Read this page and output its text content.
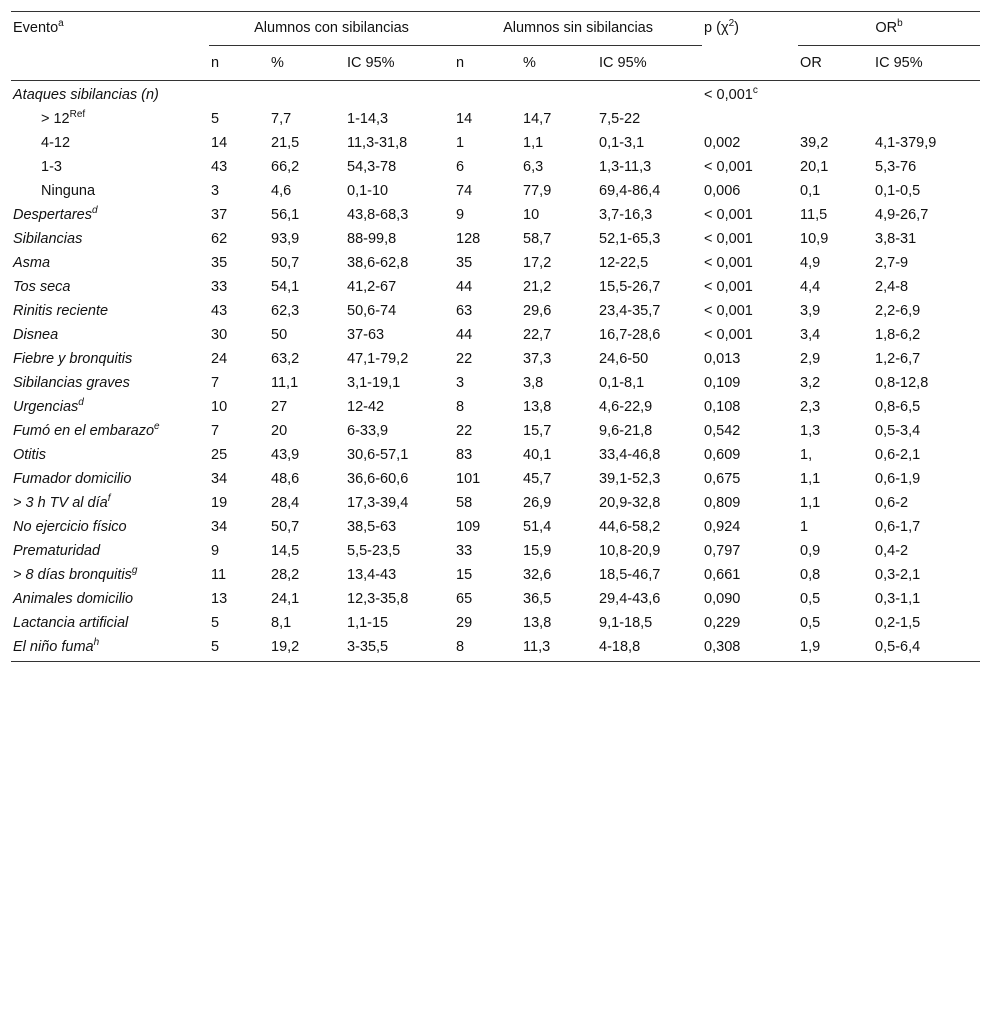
Evento$^a$	Alumnos con sibilancias			Alumnos sin sibilancias			p $(\chi^2)$	$OR^b$
	n	%	IC 95%	n	%	IC 95%		OR	IC 95%
Ataques sibilancias (n)							< 0,001$^c$		
> $12^{Ref}$	5	7,7	1-14,3	14	14,7	7,5-22			
4-12	14	21,5	11,3-31,8	1	1,1	0,1-3,1	0,002	39,2	4,1-379,9
1-3	43	66,2	54,3-78	6	6,3	1,3-11,3	< 0,001	20,1	5,3-76
Ninguna	3	4,6	0,1-10	74	77,9	69,4-86,4	0,006	0,1	0,1-0,5
Despertares$^d$	37	56,1	43,8-68,3	9	10	3,7-16,3	< 0,001	11,5	4,9-26,7
Sibilancias	62	93,9	88-99,8	128	58,7	52,1-65,3	< 0,001	10,9	3,8-31
Asma	35	50,7	38,6-62,8	35	17,2	12-22,5	< 0,001	4,9	2,7-9
Tos seca	33	54,1	41,2-67	44	21,2	15,5-26,7	< 0,001	4,4	2,4-8
Rinitis reciente	43	62,3	50,6-74	63	29,6	23,4-35,7	< 0,001	3,9	2,2-6,9
Disnea	30	50	37-63	44	22,7	16,7-28,6	< 0,001	3,4	1,8-6,2
Fiebre y bronquitis	24	63,2	47,1-79,2	22	37,3	24,6-50	0,013	2,9	1,2-6,7
Sibilancias graves	7	11,1	3,1-19,1	3	3,8	0,1-8,1	0,109	3,2	0,8-12,8
Urgencias$^d$	10	27	12-42	8	13,8	4,6-22,9	0,108	2,3	0,8-6,5
Fumó en el embarazo$^e$	7	20	6-33,9	22	15,7	9,6-21,8	0,542	1,3	0,5-3,4
Otitis	25	43,9	30,6-57,1	83	40,1	33,4-46,8	0,609	1,	0,6-2,1
Fumador domicilio	34	48,6	36,6-60,6	101	45,7	39,1-52,3	0,675	1,1	0,6-1,9
> 3 h TV al día$^f$	19	28,4	17,3-39,4	58	26,9	20,9-32,8	0,809	1,1	0,6-2
No ejercicio físico	34	50,7	38,5-63	109	51,4	44,6-58,2	0,924	1	0,6-1,7
Prematuridad	9	14,5	5,5-23,5	33	15,9	10,8-20,9	0,797	0,9	0,4-2
> 8 días bronquitis$^g$	11	28,2	13,4-43	15	32,6	18,5-46,7	0,661	0,8	0,3-2,1
Animales domicilio	13	24,1	12,3-35,8	65	36,5	29,4-43,6	0,090	0,5	0,3-1,1
Lactancia artificial	5	8,1	1,1-15	29	13,8	9,1-18,5	0,229	0,5	0,2-1,5
El niño fuma$^h$	5	19,2	3-35,5	8	11,3	4-18,8	0,308	1,9	0,5-6,4
